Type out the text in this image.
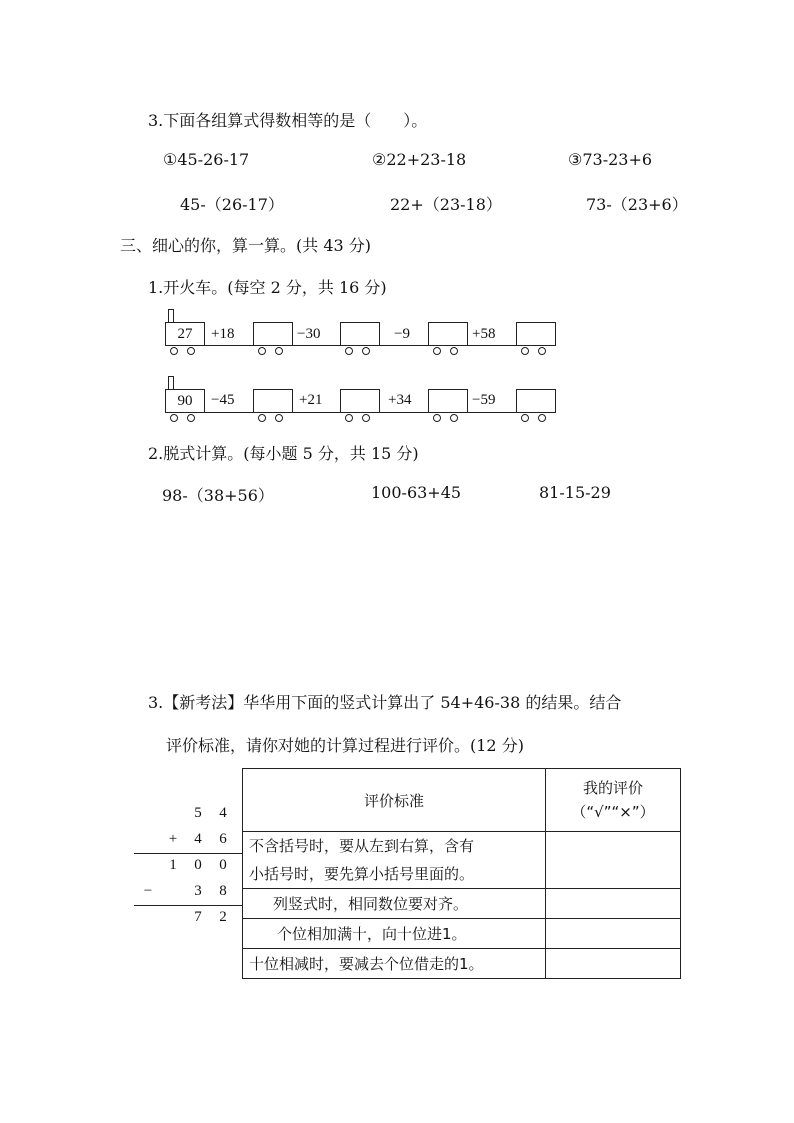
3.下面各组算式得数相等的是（　　）。
①45-26-17
45-（26-17）
②22+23-18
22+（23-18）
③73-23+6
73-（23+6）
三、细心的你，算一算。(共 43 分)
1.开火车。(每空 2 分，共 16 分)
27	+18	−30	−9	+58
90	−45	+21	+34	−59
2.脱式计算。(每小题 5 分，共 15 分)
98-（38+56）	100-63+45	81-15-29
3.【新考法】华华用下面的竖式计算出了 54+46-38 的结果。结合
评价标准，请你对她的计算过程进行评价。(12 分)
5 4
+ 4 6
1 0 0
−	3 8
7 2
评价标准	我的评价
（“√”“×”）

不含括号时，要从左到右算，含有
小括号时，要先算小括号里面的。	

列竖式时，相同数位要对齐。	
个位相加满十，向十位进1。	
十位相减时，要减去个位借走的1。	
